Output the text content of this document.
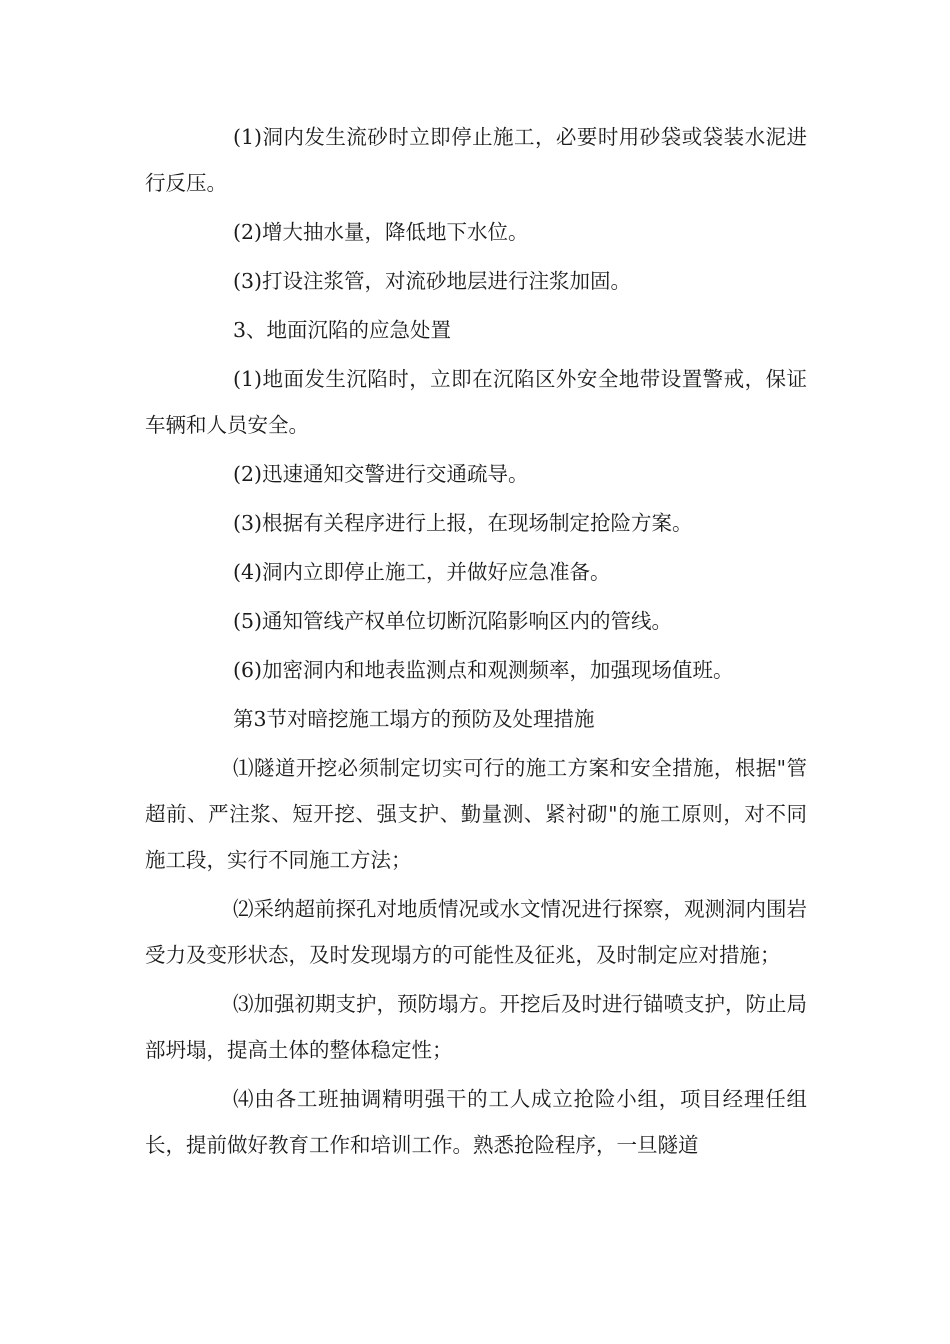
(1)洞内发生流砂时立即停止施工，必要时用砂袋或袋装水泥进行反压。

(2)增大抽水量，降低地下水位。

(3)打设注浆管，对流砂地层进行注浆加固。

3、地面沉陷的应急处置

(1)地面发生沉陷时，立即在沉陷区外安全地带设置警戒，保证车辆和人员安全。

(2)迅速通知交警进行交通疏导。

(3)根据有关程序进行上报，在现场制定抢险方案。

(4)洞内立即停止施工，并做好应急准备。

(5)通知管线产权单位切断沉陷影响区内的管线。

(6)加密洞内和地表监测点和观测频率，加强现场值班。

第3节对暗挖施工塌方的预防及处理措施

⑴隧道开挖必须制定切实可行的施工方案和安全措施，根据"管超前、严注浆、短开挖、强支护、勤量测、紧衬砌"的施工原则，对不同施工段，实行不同施工方法；

⑵采纳超前探孔对地质情况或水文情况进行探察，观测洞内围岩受力及变形状态，及时发现塌方的可能性及征兆，及时制定应对措施；

⑶加强初期支护，预防塌方。开挖后及时进行锚喷支护，防止局部坍塌，提高土体的整体稳定性；

⑷由各工班抽调精明强干的工人成立抢险小组，项目经理任组长，提前做好教育工作和培训工作。熟悉抢险程序，一旦隧道
